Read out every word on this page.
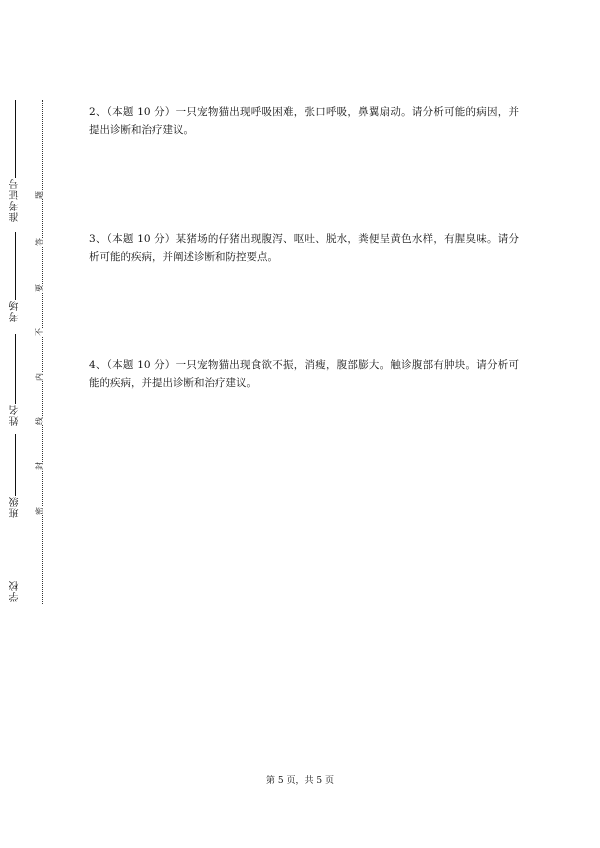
学校
班级
姓名
考场
准考证号
密
封
线
内
不
要
答
题
2、（本题 10 分）一只宠物猫出现呼吸困难，张口呼吸，鼻翼扇动。请分析可能的病因，并提出诊断和治疗建议。
3、（本题 10 分）某猪场的仔猪出现腹泻、呕吐、脱水，粪便呈黄色水样，有腥臭味。请分析可能的疾病，并阐述诊断和防控要点。
4、（本题 10 分）一只宠物猫出现食欲不振，消瘦，腹部膨大。触诊腹部有肿块。请分析可能的疾病，并提出诊断和治疗建议。
第 5 页，共 5 页
